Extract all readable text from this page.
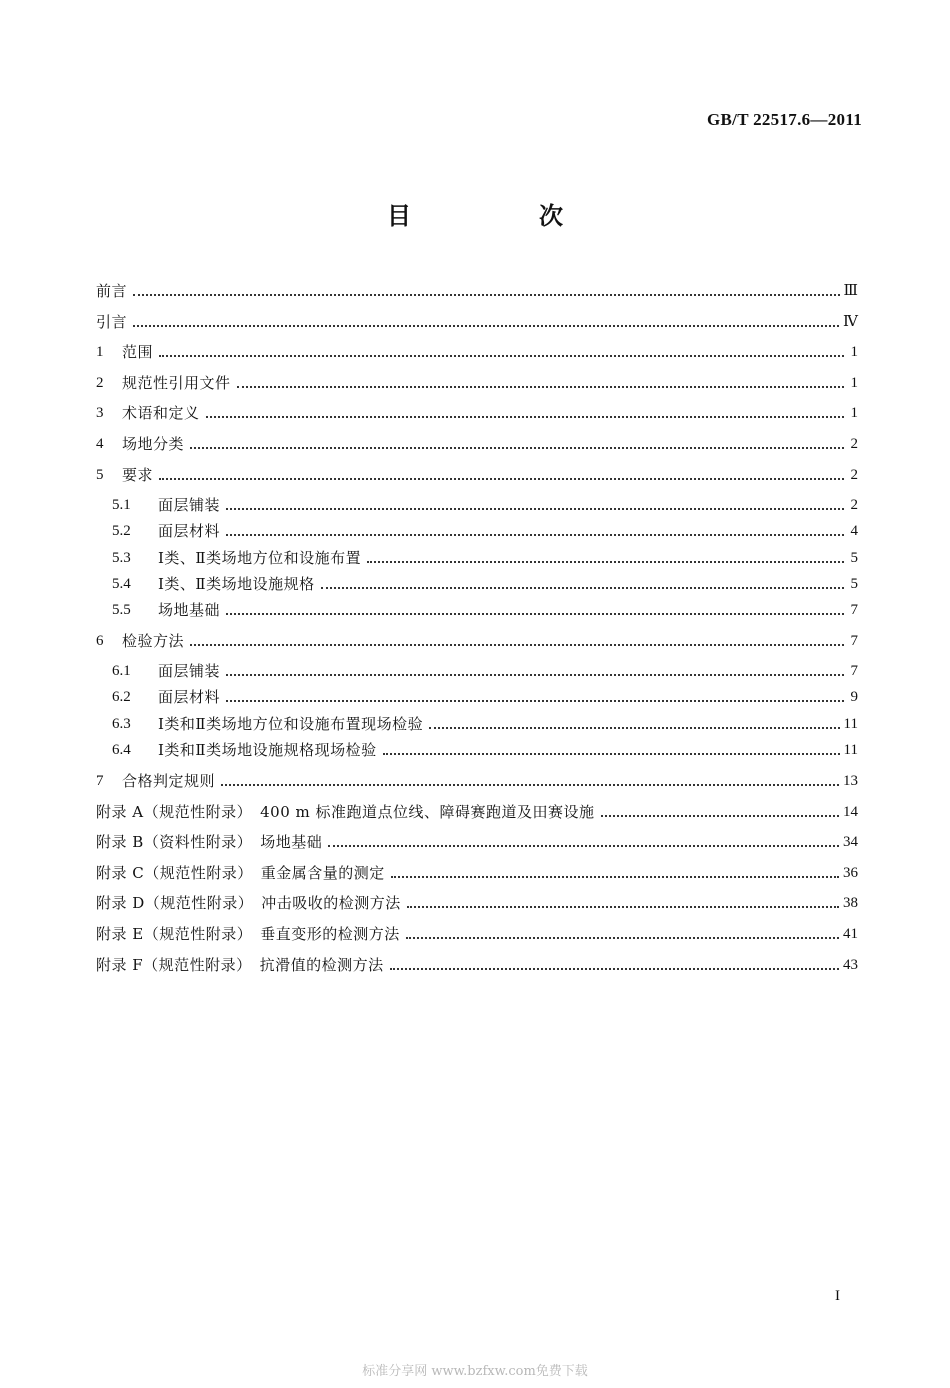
GB/T 22517.6—2011
目　次
前言	Ⅲ
引言	Ⅳ
1	范围	1
2	规范性引用文件	1
3	术语和定义	1
4	场地分类	2
5	要求	2
5.1	面层铺装	2
5.2	面层材料	4
5.3	Ⅰ类、Ⅱ类场地方位和设施布置	5
5.4	Ⅰ类、Ⅱ类场地设施规格	5
5.5	场地基础	7
6	检验方法	7
6.1	面层铺装	7
6.2	面层材料	9
6.3	Ⅰ类和Ⅱ类场地方位和设施布置现场检验	11
6.4	Ⅰ类和Ⅱ类场地设施规格现场检验	11
7	合格判定规则	13
附录 A（规范性附录）　400 m 标准跑道点位线、障碍赛跑道及田赛设施	14
附录 B（资料性附录）　场地基础	34
附录 C（规范性附录）　重金属含量的测定	36
附录 D（规范性附录）　冲击吸收的检测方法	38
附录 E（规范性附录）　垂直变形的检测方法	41
附录 F（规范性附录）　抗滑值的检测方法	43
I
标准分享网 www.bzfxw.com免费下载
